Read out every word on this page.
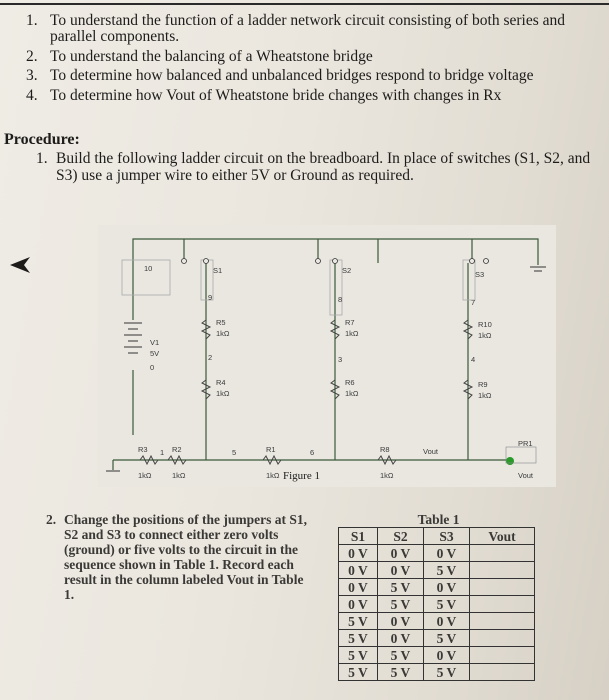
1. To understand the function of a ladder network circuit consisting of both series and parallel components.
2. To understand the balancing of a Wheatstone bridge
3. To determine how balanced and unbalanced bridges respond to bridge voltage
4. To determine how Vout of Wheatstone bride changes with changes in Rx
Procedure:
1. Build the following ladder circuit on the breadboard. In place of switches (S1, S2, and S3) use a jumper wire to either 5V or Ground as required.
10
0
9
2
5
1	6
8
3
7
4
S1	S2	S3
V1
5V
R5
1kΩ
R4
1kΩ
R7
1kΩ
R6
1kΩ
R10
1kΩ
R9
1kΩ
R3
1kΩ
R2
1kΩ
R1
1kΩ
R8
1kΩ
Vout
PR1
Vout
Figure 1
2. Change the positions of the jumpers at S1, S2 and S3 to connect either zero volts (ground) or five volts to the circuit in the sequence shown in Table 1. Record each result in the column labeled Vout in Table 1.
Table 1			
S1	S2	S3	Vout
0 V	0 V	0 V	
0 V	0 V	5 V	
0 V	5 V	0 V	
0 V	5 V	5 V	
5 V	0 V	0 V	
5 V	0 V	5 V	
5 V	5 V	0 V	
5 V	5 V	5 V	
